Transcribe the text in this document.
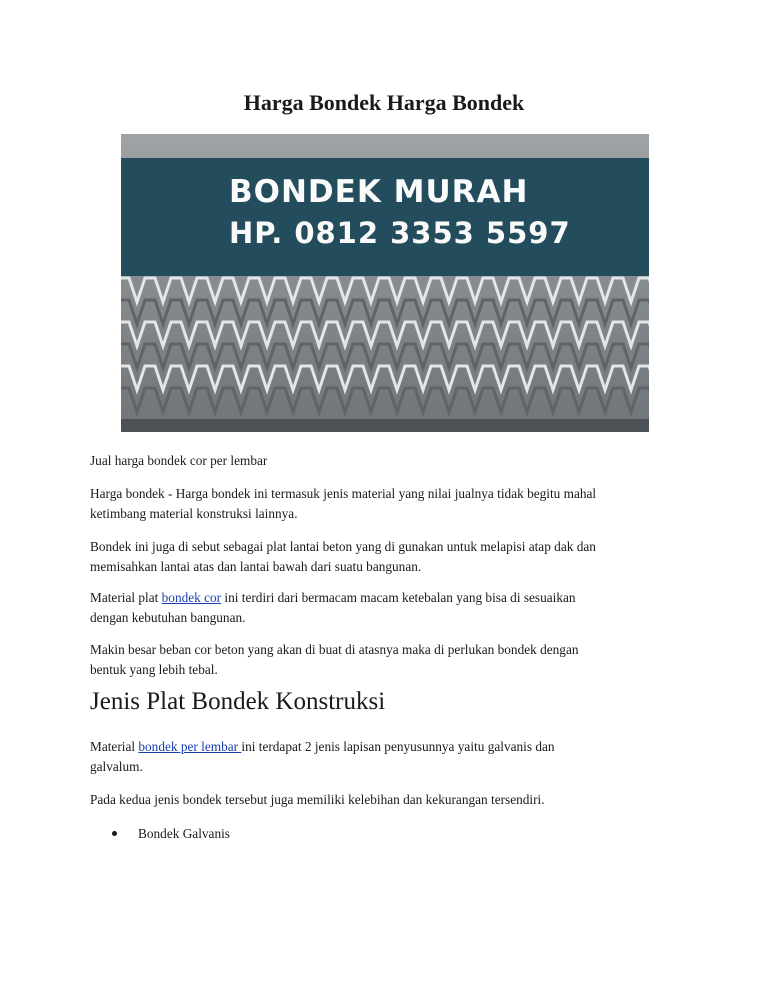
Harga Bondek Harga Bondek
BONDEK MURAH
HP. 0812 3353 5597

Jual harga bondek cor per lembar

Harga bondek - Harga bondek ini termasuk jenis material yang nilai jualnya tidak begitu mahal
ketimbang material konstruksi lainnya.

Bondek ini juga di sebut sebagai plat lantai beton yang di gunakan untuk melapisi atap dak dan
memisahkan lantai atas dan lantai bawah dari suatu bangunan.

Material plat bondek cor ini terdiri dari bermacam macam ketebalan yang bisa di sesuaikan
dengan kebutuhan bangunan.

Makin besar beban cor beton yang akan di buat di atasnya maka di perlukan bondek dengan
bentuk yang lebih tebal.

Jenis Plat Bondek Konstruksi

Material bondek per lembar ini terdapat 2 jenis lapisan penyusunnya yaitu galvanis dan
galvalum.

Pada kedua jenis bondek tersebut juga memiliki kelebihan dan kekurangan tersendiri.

Bondek Galvanis
